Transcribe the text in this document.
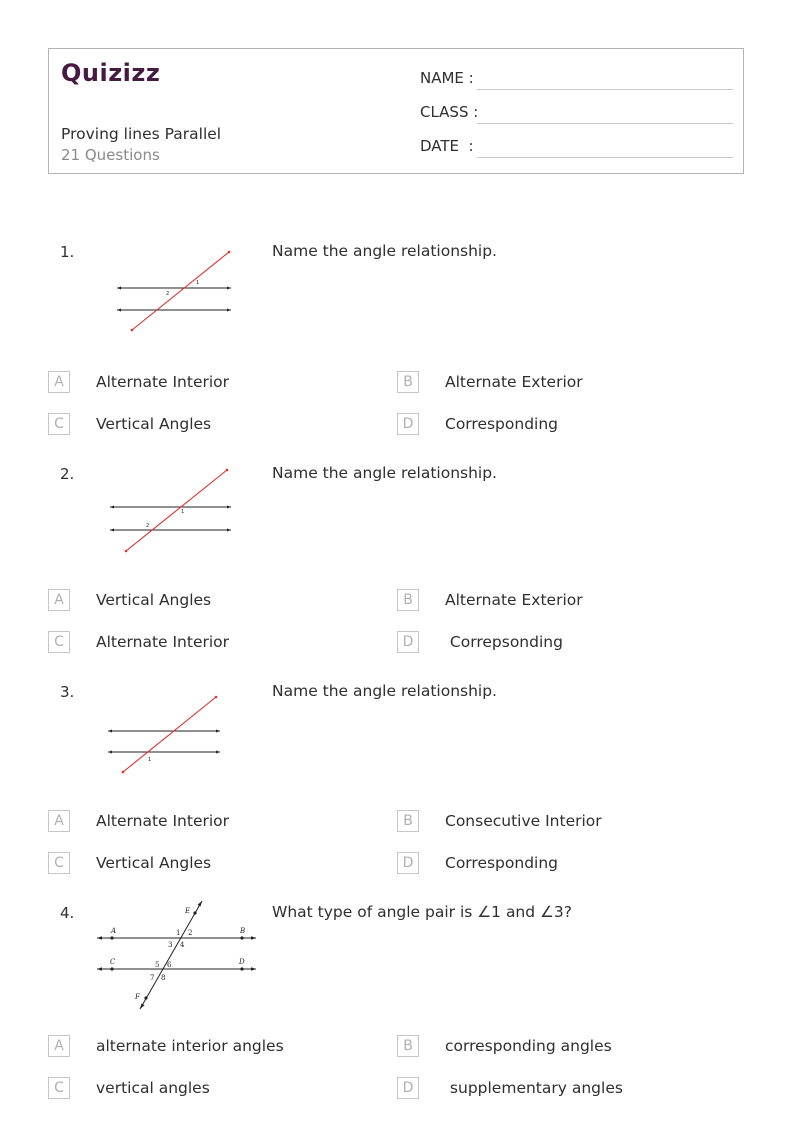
Quizizz
Proving lines Parallel
21 Questions
NAME :
CLASS :
DATE  :
1.
2
1
Name the angle relationship.
A	Alternate Interior	B	Alternate Exterior
C	Vertical Angles	D	Corresponding
2.
1
2
Name the angle relationship.
A	Vertical Angles	B	Alternate Exterior
C	Alternate Interior	D	Correpsonding
3.
1
Name the angle relationship.
A	Alternate Interior	B	Consecutive Interior
C	Vertical Angles	D	Corresponding
4.	E
A	B
C	D
F
1 2
3 4
5 6
7 8
What type of angle pair is ∠1 and ∠3?
A	alternate interior angles	B	corresponding angles
C	vertical angles	D	supplementary angles
